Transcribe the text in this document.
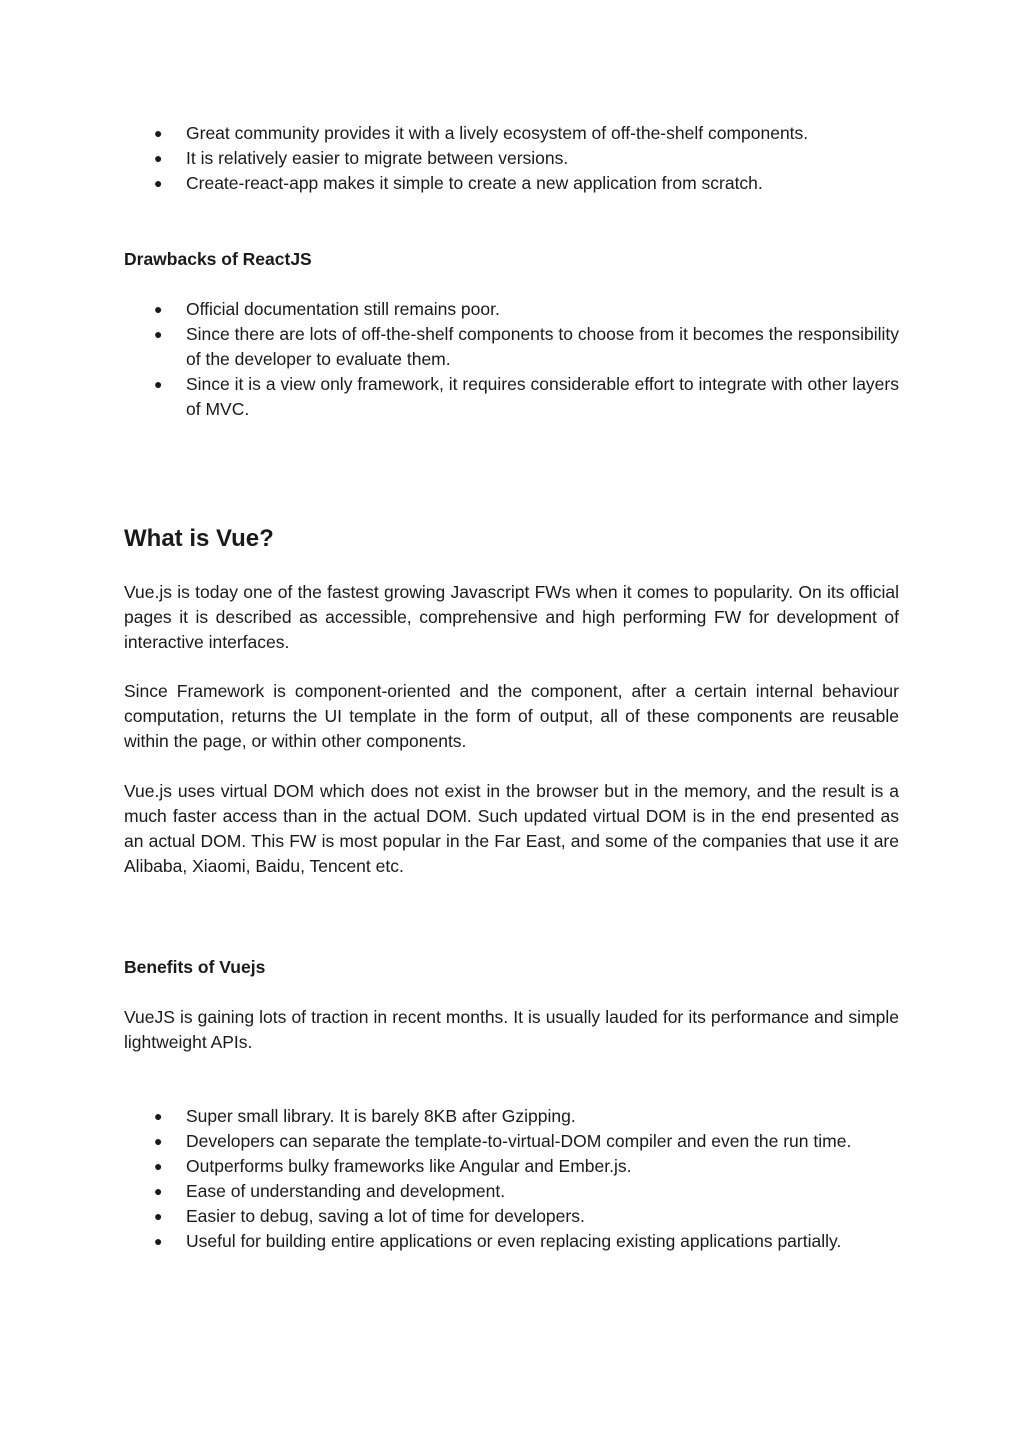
● Great community provides it with a lively ecosystem of off-the-shelf components.
● It is relatively easier to migrate between versions.
● Create-react-app makes it simple to create a new application from scratch.
Drawbacks of ReactJS
● Official documentation still remains poor.
● Since there are lots of off-the-shelf components to choose from it becomes the responsibility of the developer to evaluate them.
● Since it is a view only framework, it requires considerable effort to integrate with other layers of MVC.
What is Vue?

Vue.js is today one of the fastest growing Javascript FWs when it comes to popularity. On its official pages it is described as accessible, comprehensive and high performing FW for development of interactive interfaces.

Since Framework is component-oriented and the component, after a certain internal behaviour computation, returns the UI template in the form of output, all of these components are reusable within the page, or within other components.

Vue.js uses virtual DOM which does not exist in the browser but in the memory, and the result is a much faster access than in the actual DOM. Such updated virtual DOM is in the end presented as an actual DOM. This FW is most popular in the Far East, and some of the companies that use it are Alibaba, Xiaomi, Baidu, Tencent etc.

Benefits of Vuejs

VueJS is gaining lots of traction in recent months. It is usually lauded for its performance and simple lightweight APIs.

● Super small library. It is barely 8KB after Gzipping.
● Developers can separate the template-to-virtual-DOM compiler and even the run time.
● Outperforms bulky frameworks like Angular and Ember.js.
● Ease of understanding and development.
● Easier to debug, saving a lot of time for developers.
● Useful for building entire applications or even replacing existing applications partially.
